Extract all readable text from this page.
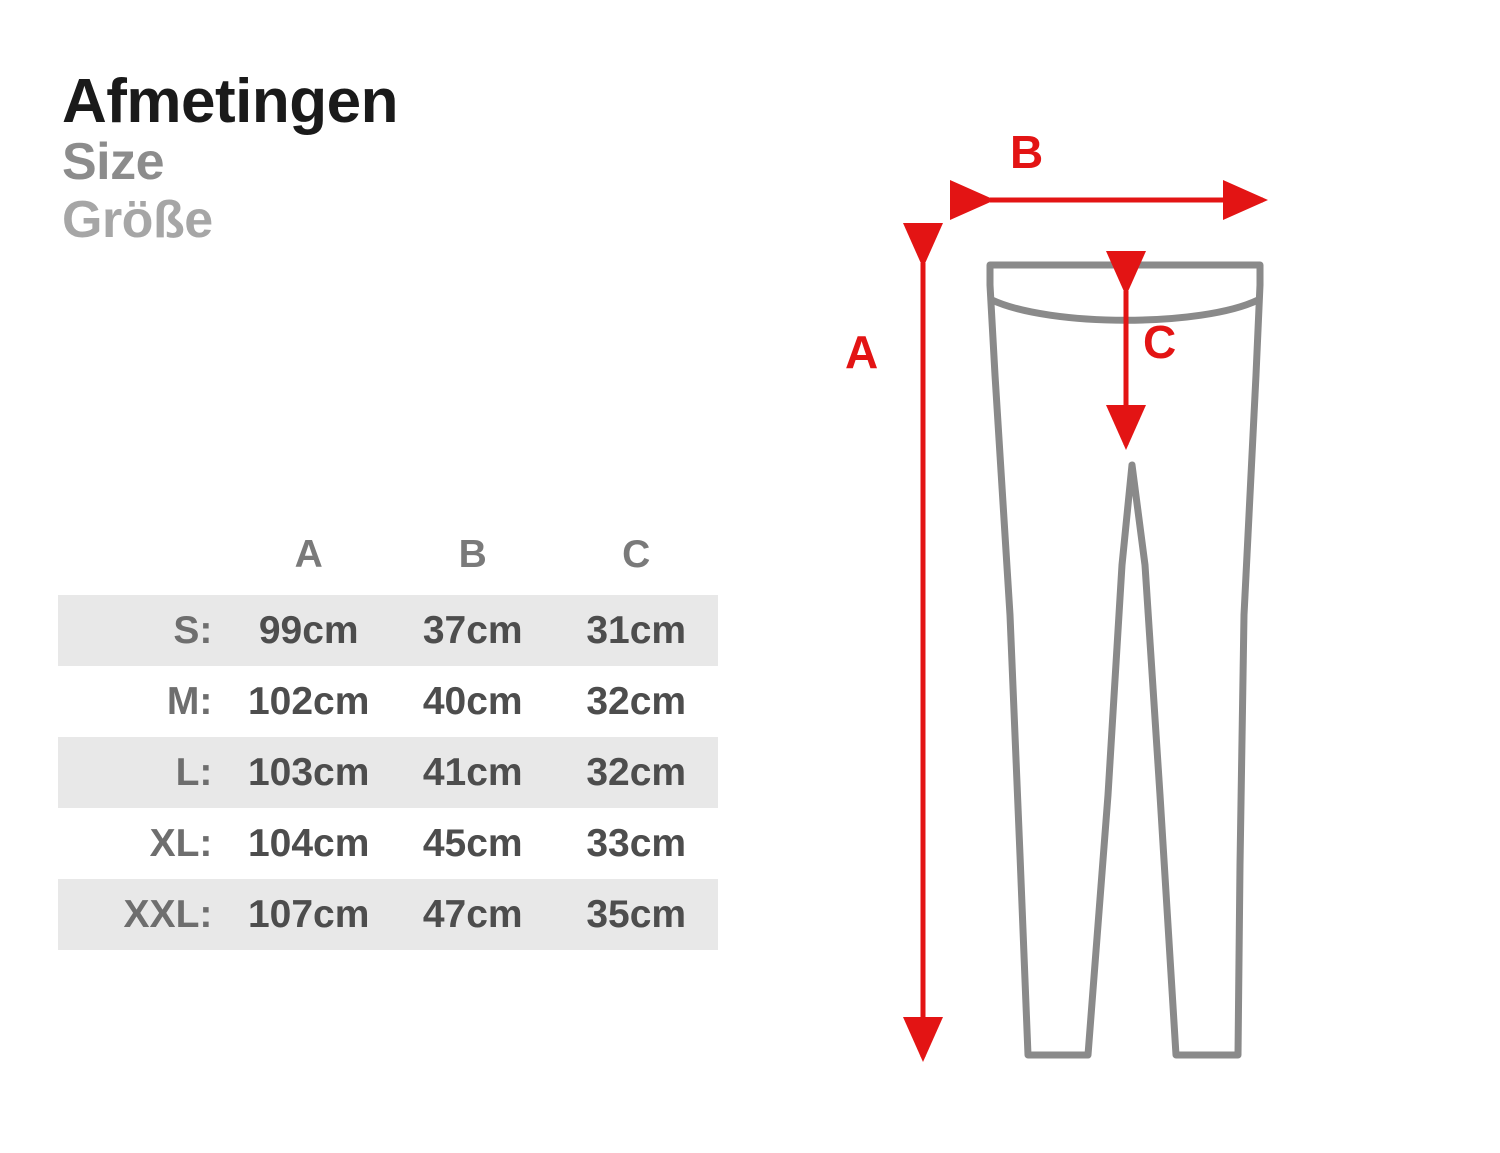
Afmetingen
Size
Größe
	A	B	C
S:	99cm	37cm	31cm
M:	102cm	40cm	32cm
L:	103cm	41cm	32cm
XL:	104cm	45cm	33cm
XXL:	107cm	47cm	35cm
B
A	C
